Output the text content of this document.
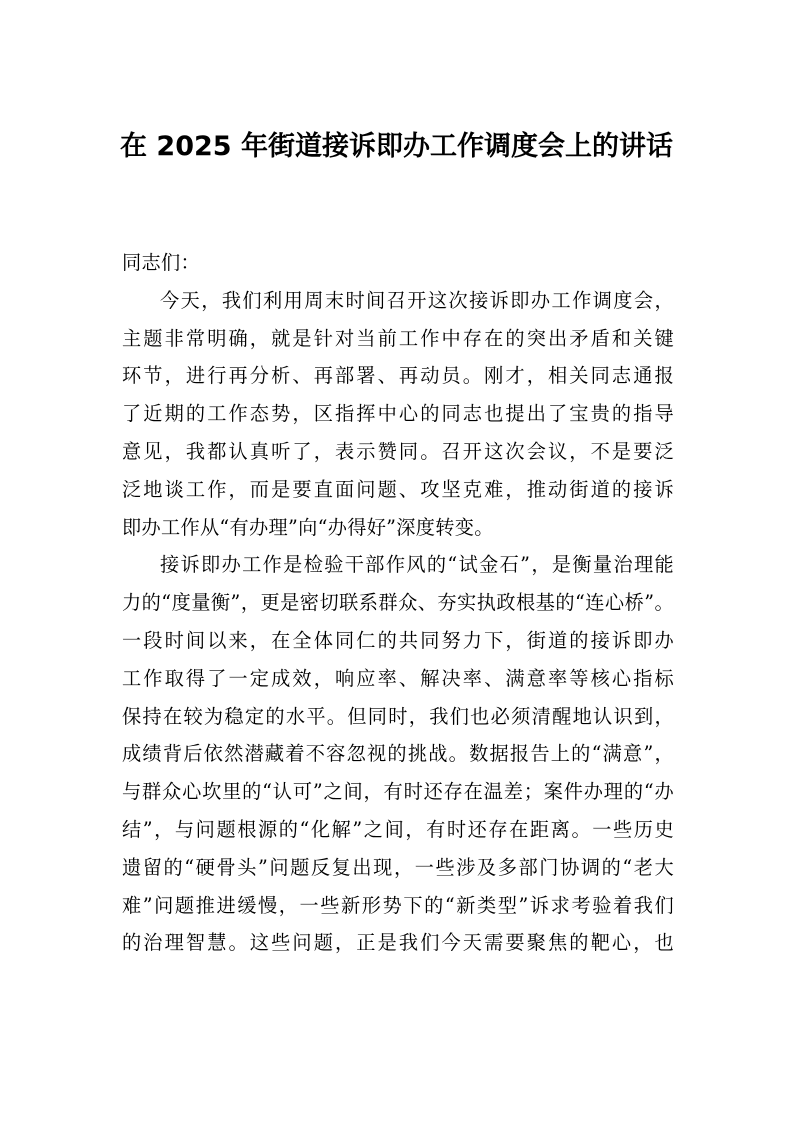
在 2025 年街道接诉即办工作调度会上的讲话
同志们：
今天，我们利用周末时间召开这次接诉即办工作调度会，
主题非常明确，就是针对当前工作中存在的突出矛盾和关键
环节，进行再分析、再部署、再动员。刚才，相关同志通报
了近期的工作态势，区指挥中心的同志也提出了宝贵的指导
意见，我都认真听了，表示赞同。召开这次会议，不是要泛
泛地谈工作，而是要直面问题、攻坚克难，推动街道的接诉
即办工作从“有办理”向“办得好”深度转变。
接诉即办工作是检验干部作风的“试金石”，是衡量治理能
力的“度量衡”，更是密切联系群众、夯实执政根基的“连心桥”。
一段时间以来，在全体同仁的共同努力下，街道的接诉即办
工作取得了一定成效，响应率、解决率、满意率等核心指标
保持在较为稳定的水平。但同时，我们也必须清醒地认识到，
成绩背后依然潜藏着不容忽视的挑战。数据报告上的“满意”，
与群众心坎里的“认可”之间，有时还存在温差；案件办理的“办
结”，与问题根源的“化解”之间，有时还存在距离。一些历史
遗留的“硬骨头”问题反复出现，一些涉及多部门协调的“老大
难”问题推进缓慢，一些新形势下的“新类型”诉求考验着我们
的治理智慧。这些问题，正是我们今天需要聚焦的靶心，也
